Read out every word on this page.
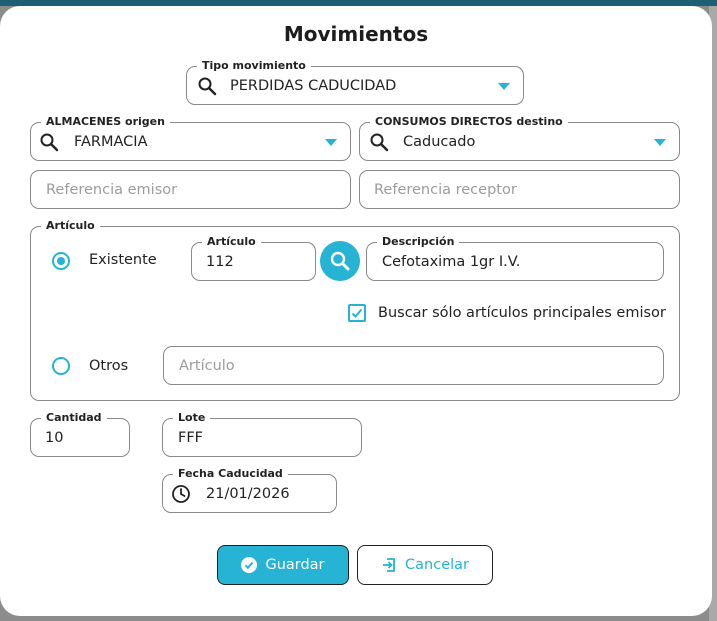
Movimientos
Tipo movimiento
PERDIDAS CADUCIDAD
ALMACENES origen
FARMACIA
CONSUMOS DIRECTOS destino
Caducado
Referencia emisor	Referencia receptor
Artículo
Existente
Artículo
112
Descripción
Cefotaxima 1gr I.V.
Buscar sólo artículos principales emisor
Otros	Artículo
Cantidad
10
Lote
FFF
Fecha Caducidad
21/01/2026
Guardar	Cancelar
